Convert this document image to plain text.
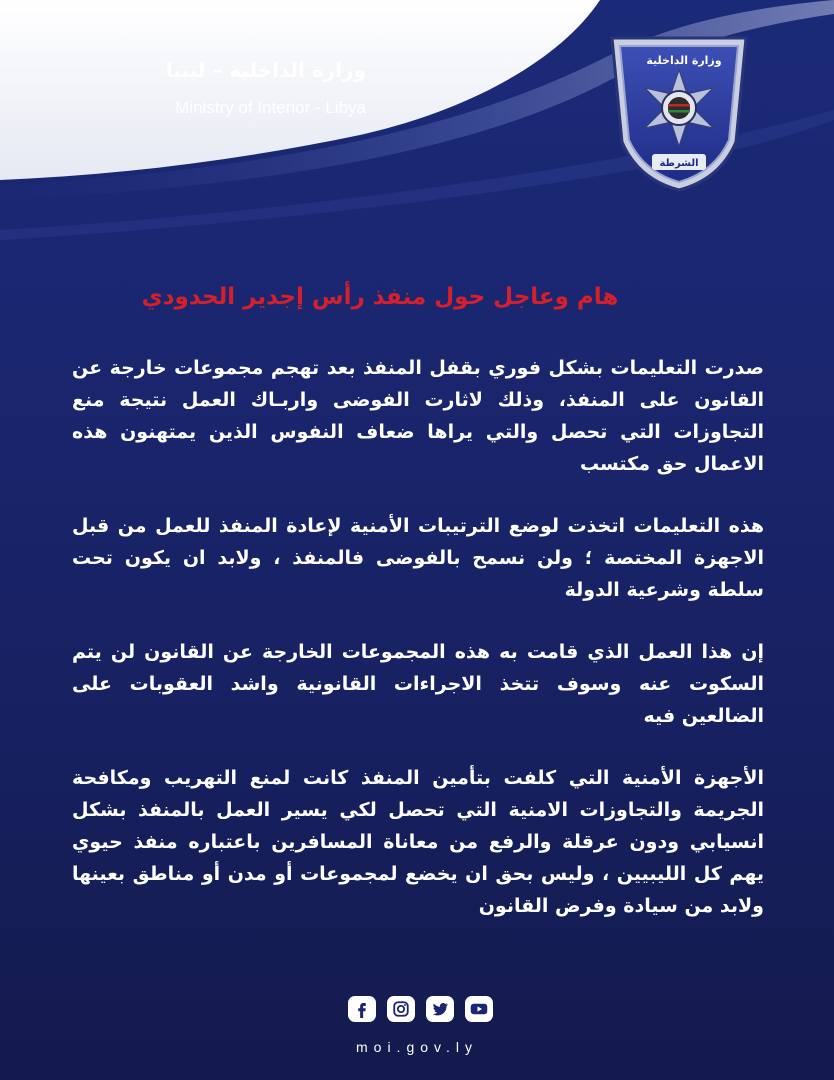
وزارة الداخلية – ليبيا
Ministry of Interior - Libya
الشرطة
وزارة الداخلية
هام وعاجل حول منفذ رأس إجدير الحدودي

صدرت التعليمات بشكل فوري بقفل المنفذ بعد تهجم مجموعات خارجة عن القانون على المنفذ، وذلك لاثارت الفوضى واربـاك العمل نتيجة منع التجاوزات التي تحصل والتي يراها ضعاف النفوس الذين يمتهنون هذه الاعمال حق مكتسب

هذه التعليمات اتخذت لوضع الترتيبات الأمنية لإعادة المنفذ للعمل من قبل الاجهزة المختصة ؛ ولن نسمح بالفوضى فالمنفذ ، ولابد ان يكون تحت سلطة وشرعية الدولة

إن هذا العمل الذي قامت به هذه المجموعات الخارجة عن القانون لن يتم السكوت عنه وسوف تتخذ الاجراءات القانونية واشد العقوبات على الضالعين فيه

الأجهزة الأمنية التي كلفت بتأمين المنفذ كانت لمنع التهريب ومكافحة الجريمة والتجاوزات الامنية التي تحصل لكي يسير العمل بالمنفذ بشكل انسيابي ودون عرقلة والرفع من معاناة المسافرين باعتباره منفذ حيوي يهم كل الليبيين ، وليس بحق ان يخضع لمجموعات أو مدن أو مناطق بعينها ولابد من سيادة وفرض القانون

moi.gov.ly
